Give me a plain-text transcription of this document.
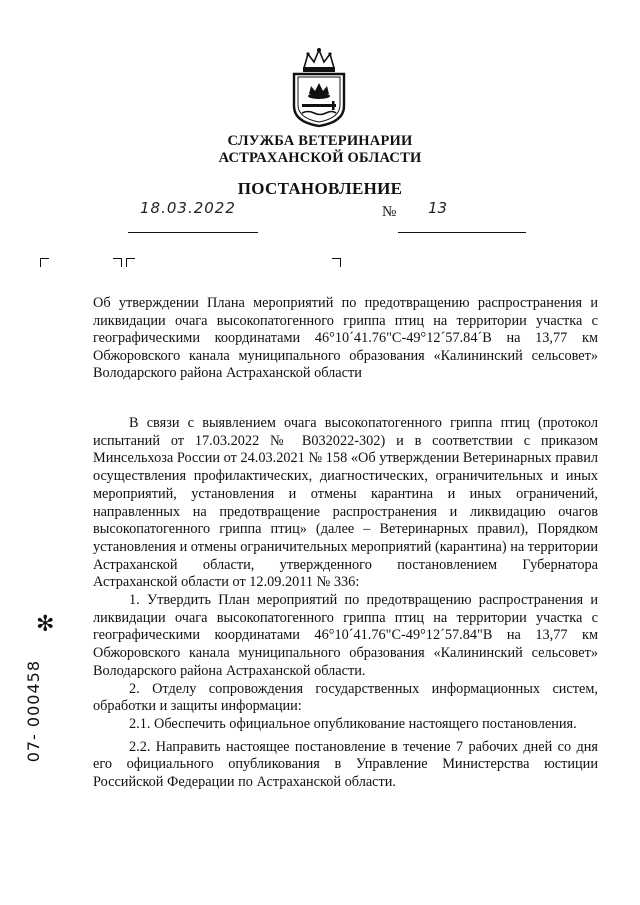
СЛУЖБА ВЕТЕРИНАРИИ
АСТРАХАНСКОЙ ОБЛАСТИ
ПОСТАНОВЛЕНИЕ
18.03.2022	№ 13
Об утверждении Плана мероприятий по предотвращению распространения и ликвидации очага высокопатогенного гриппа птиц на территории участка с географическими координатами 46°10´41.76"С-49°12´57.84´В на 13,77 км Обжоровского канала муниципального образования «Калининский сельсовет» Володарского района Астраханской области

В связи с выявлением очага высокопатогенного гриппа птиц (протокол испытаний от 17.03.2022 № В032022-302) и в соответствии с приказом Минсельхоза России от 24.03.2021 № 158 «Об утверждении Ветеринарных правил осуществления профилактических, диагностических, ограничительных и иных мероприятий, установления и отмены карантина и иных ограничений, направленных на предотвращение распространения и ликвидацию очагов высокопатогенного гриппа птиц» (далее – Ветеринарных правил), Порядком установления и отмены ограничительных мероприятий (карантина) на территории Астраханской области, утвержденного постановлением Губернатора Астраханской области от 12.09.2011 № 336:

1. Утвердить План мероприятий по предотвращению распространения и ликвидации очага высокопатогенного гриппа птиц на территории участка с географическими координатами 46°10´41.76"С-49°12´57.84"В на 13,77 км Обжоровского канала муниципального образования «Калининский сельсовет» Володарского района Астраханской области.

2. Отделу сопровождения государственных информационных систем, обработки и защиты информации:

2.1. Обеспечить официальное опубликование настоящего постановления.

2.2. Направить настоящее постановление в течение 7 рабочих дней со дня его официального опубликования в Управление Министерства юстиции Российской Федерации по Астраханской области.

✻
07- 000458
